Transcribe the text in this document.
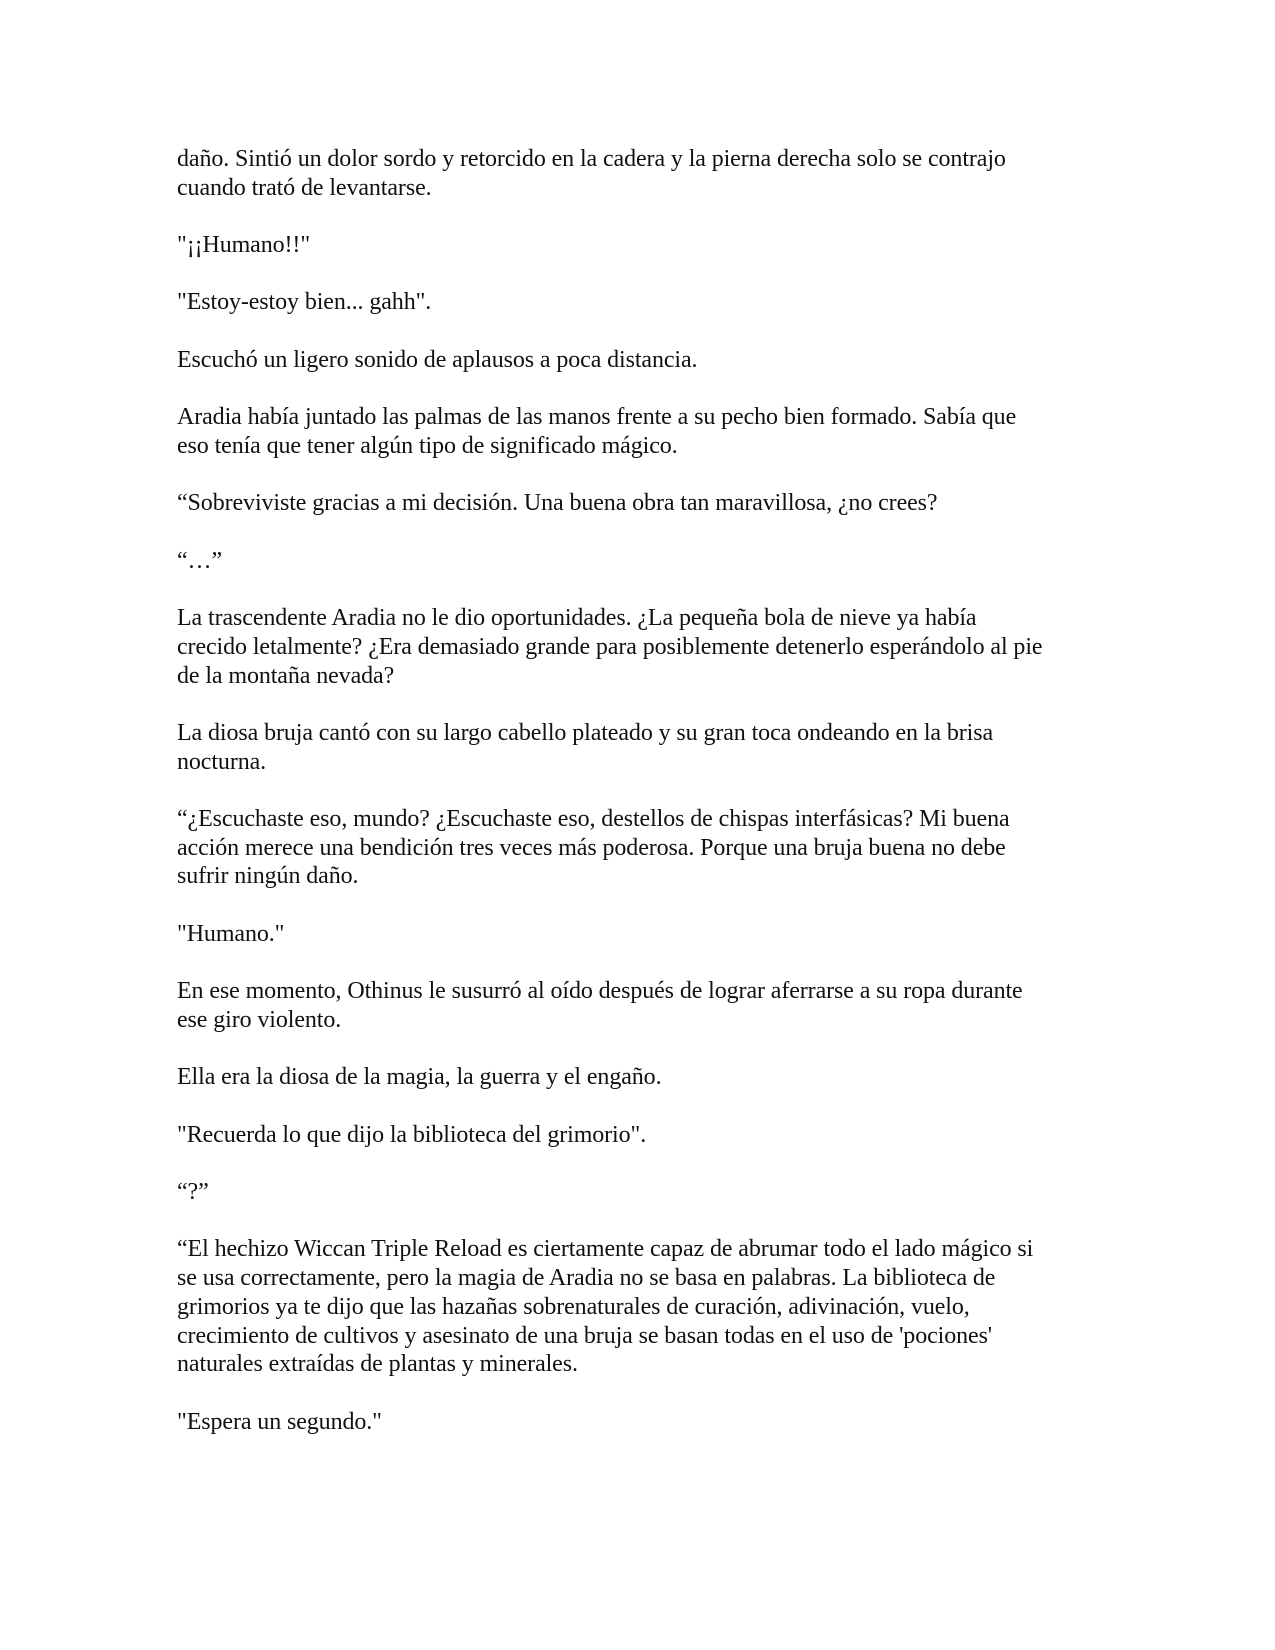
daño. Sintió un dolor sordo y retorcido en la cadera y la pierna derecha solo se contrajo
cuando trató de levantarse.

"¡¡Humano!!"

"Estoy-estoy bien... gahh".

Escuchó un ligero sonido de aplausos a poca distancia.

Aradia había juntado las palmas de las manos frente a su pecho bien formado. Sabía que
eso tenía que tener algún tipo de significado mágico.

“Sobreviviste gracias a mi decisión. Una buena obra tan maravillosa, ¿no crees?

“…”

La trascendente Aradia no le dio oportunidades. ¿La pequeña bola de nieve ya había
crecido letalmente? ¿Era demasiado grande para posiblemente detenerlo esperándolo al pie
de la montaña nevada?

La diosa bruja cantó con su largo cabello plateado y su gran toca ondeando en la brisa
nocturna.

“¿Escuchaste eso, mundo? ¿Escuchaste eso, destellos de chispas interfásicas? Mi buena
acción merece una bendición tres veces más poderosa. Porque una bruja buena no debe
sufrir ningún daño.

"Humano."

En ese momento, Othinus le susurró al oído después de lograr aferrarse a su ropa durante
ese giro violento.

Ella era la diosa de la magia, la guerra y el engaño.

"Recuerda lo que dijo la biblioteca del grimorio".

“?”

“El hechizo Wiccan Triple Reload es ciertamente capaz de abrumar todo el lado mágico si
se usa correctamente, pero la magia de Aradia no se basa en palabras. La biblioteca de
grimorios ya te dijo que las hazañas sobrenaturales de curación, adivinación, vuelo,
crecimiento de cultivos y asesinato de una bruja se basan todas en el uso de 'pociones'
naturales extraídas de plantas y minerales.

"Espera un segundo."
